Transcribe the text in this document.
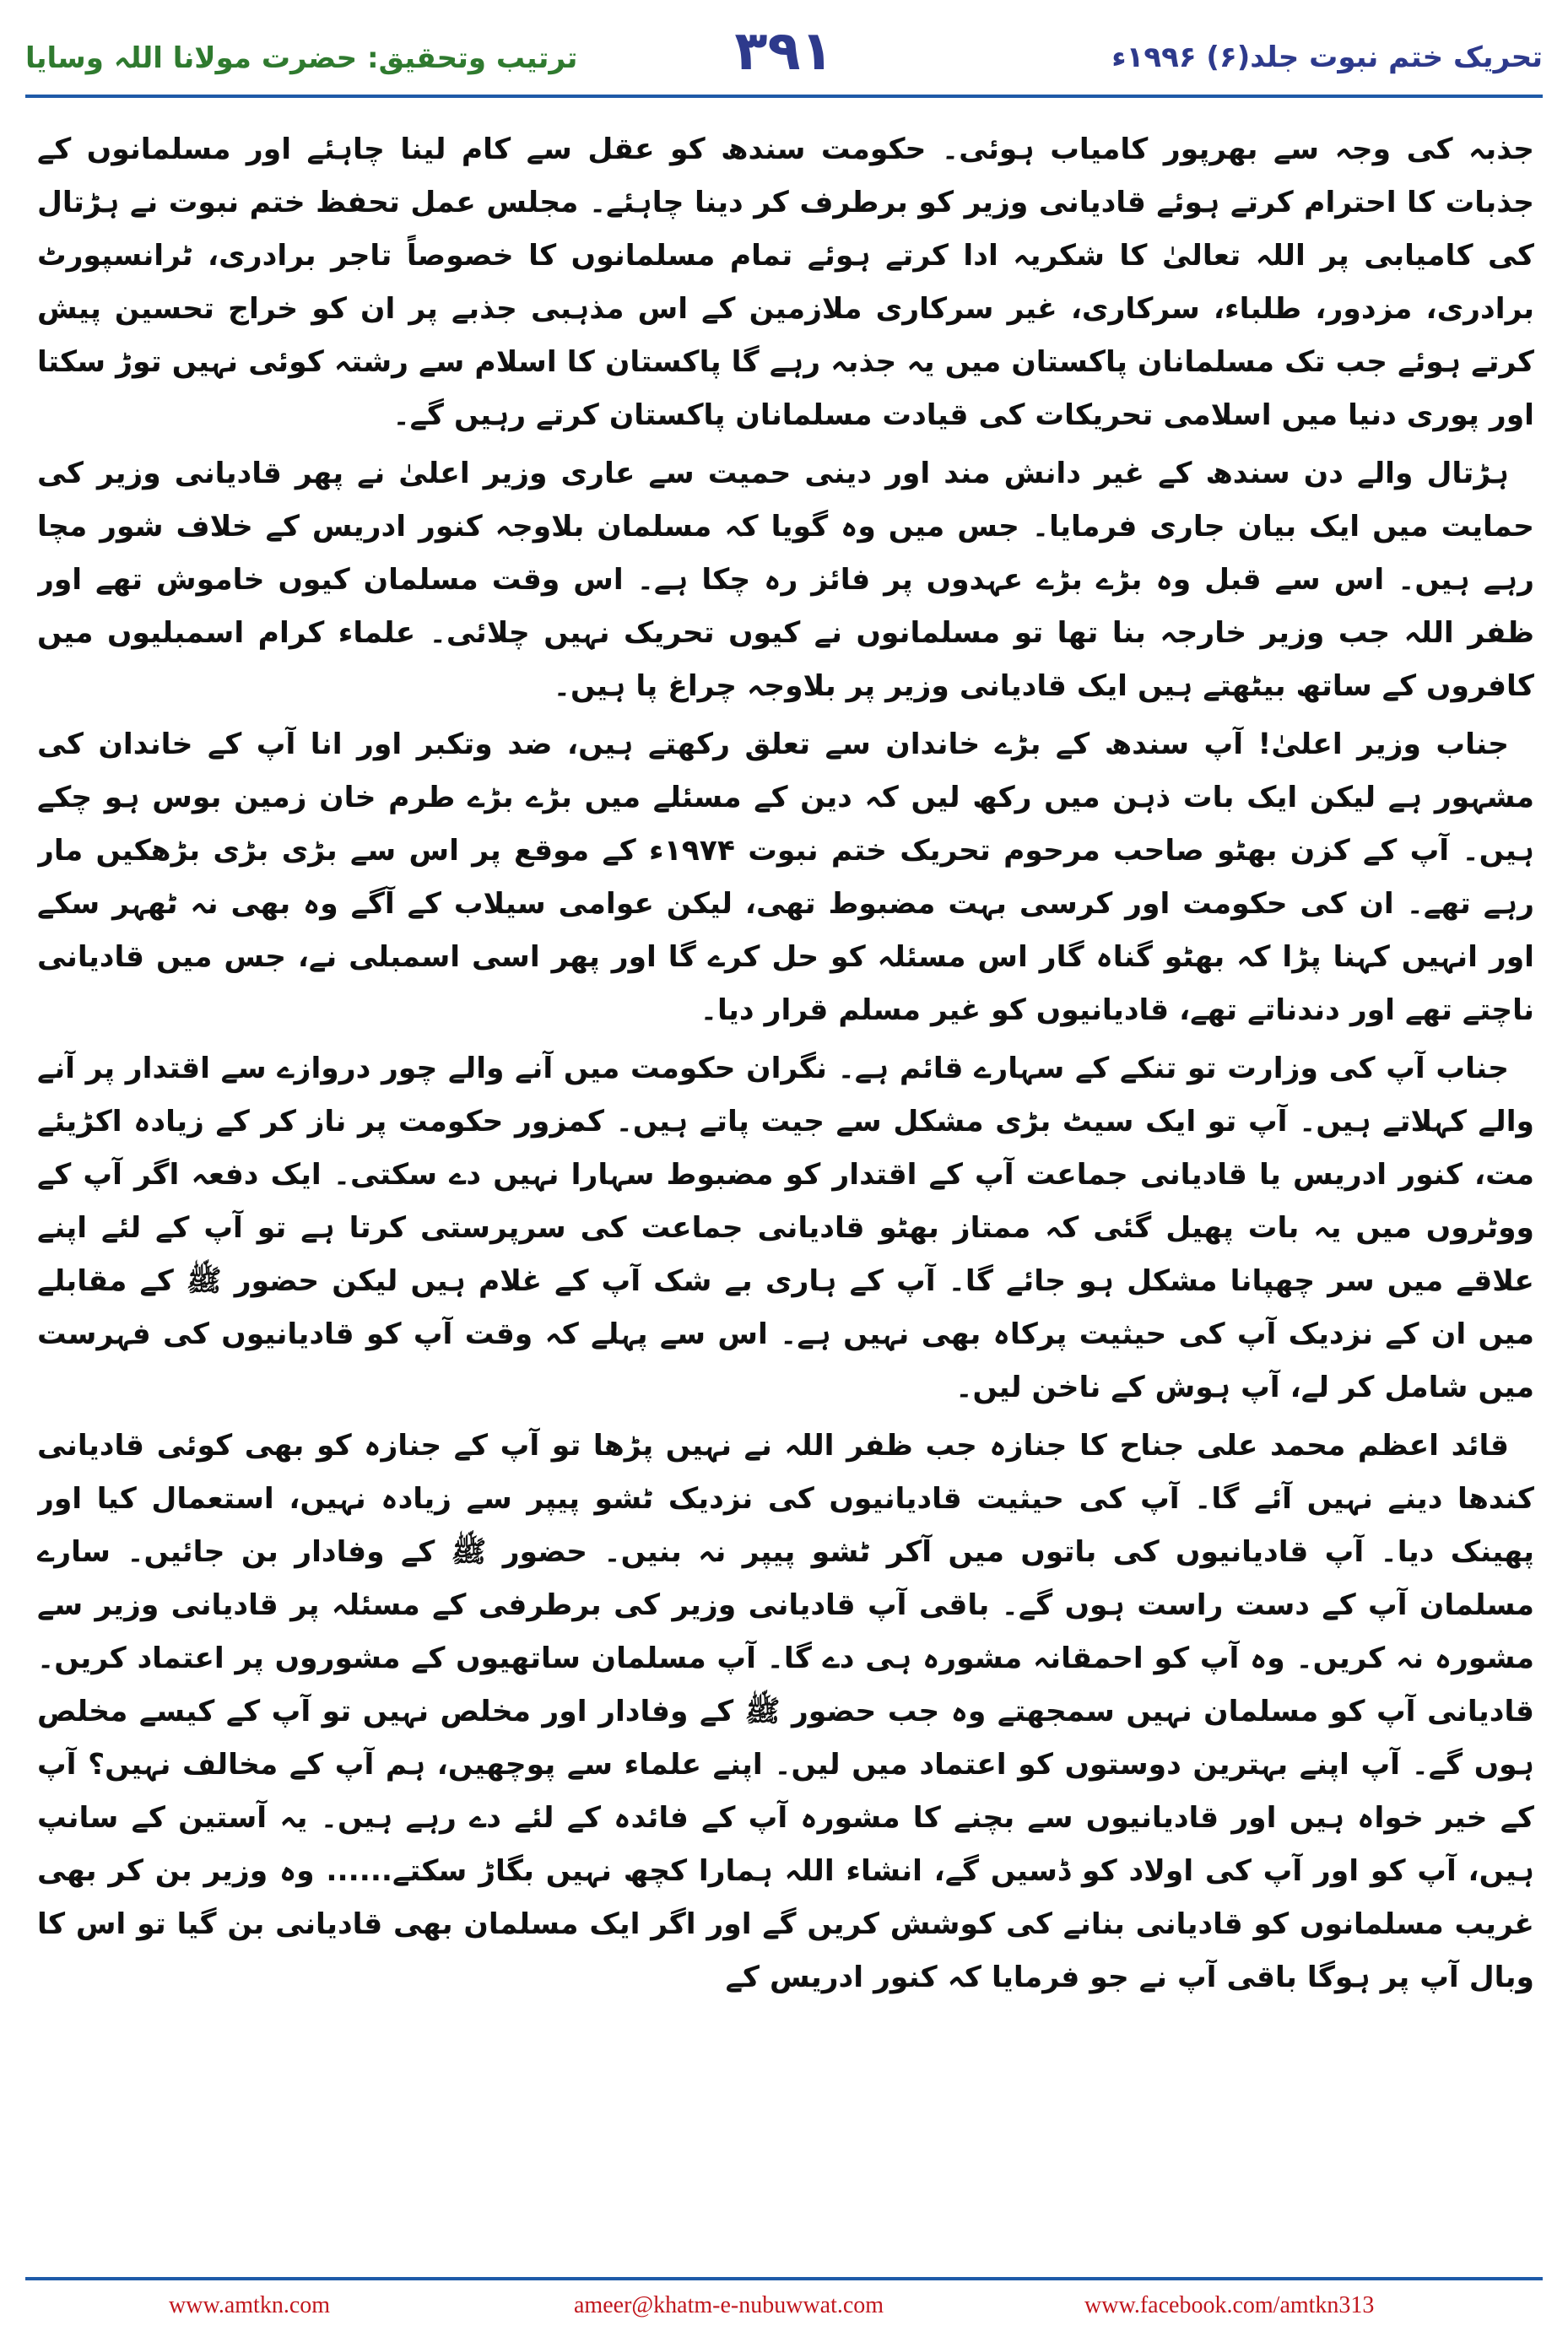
تحریک ختم نبوت جلد(۶) ۱۹۹۶ء
۳۹۱
ترتیب وتحقیق: حضرت مولانا اللہ وسایا

جذبہ کی وجہ سے بھرپور کامیاب ہوئی۔ حکومت سندھ کو عقل سے کام لینا چاہئے اور مسلمانوں کے جذبات کا احترام کرتے ہوئے قادیانی وزیر کو برطرف کر دینا چاہئے۔ مجلس عمل تحفظ ختم نبوت نے ہڑتال کی کامیابی پر اللہ تعالیٰ کا شکریہ ادا کرتے ہوئے تمام مسلمانوں کا خصوصاً تاجر برادری، ٹرانسپورٹ برادری، مزدور، طلباء، سرکاری، غیر سرکاری ملازمین کے اس مذہبی جذبے پر ان کو خراج تحسین پیش کرتے ہوئے جب تک مسلمانان پاکستان میں یہ جذبہ رہے گا پاکستان کا اسلام سے رشتہ کوئی نہیں توڑ سکتا اور پوری دنیا میں اسلامی تحریکات کی قیادت مسلمانان پاکستان کرتے رہیں گے۔

ہڑتال والے دن سندھ کے غیر دانش مند اور دینی حمیت سے عاری وزیر اعلیٰ نے پھر قادیانی وزیر کی حمایت میں ایک بیان جاری فرمایا۔ جس میں وہ گویا کہ مسلمان بلاوجہ کنور ادریس کے خلاف شور مچا رہے ہیں۔ اس سے قبل وہ بڑے بڑے عہدوں پر فائز رہ چکا ہے۔ اس وقت مسلمان کیوں خاموش تھے اور ظفر اللہ جب وزیر خارجہ بنا تھا تو مسلمانوں نے کیوں تحریک نہیں چلائی۔ علماء کرام اسمبلیوں میں کافروں کے ساتھ بیٹھتے ہیں ایک قادیانی وزیر پر بلاوجہ چراغ پا ہیں۔

جناب وزیر اعلیٰ! آپ سندھ کے بڑے خاندان سے تعلق رکھتے ہیں، ضد وتکبر اور انا آپ کے خاندان کی مشہور ہے لیکن ایک بات ذہن میں رکھ لیں کہ دین کے مسئلے میں بڑے بڑے طرم خان زمین بوس ہو چکے ہیں۔ آپ کے کزن بھٹو صاحب مرحوم تحریک ختم نبوت ۱۹۷۴ء کے موقع پر اس سے بڑی بڑی بڑھکیں مار رہے تھے۔ ان کی حکومت اور کرسی بہت مضبوط تھی، لیکن عوامی سیلاب کے آگے وہ بھی نہ ٹھہر سکے اور انہیں کہنا پڑا کہ بھٹو گناہ گار اس مسئلہ کو حل کرے گا اور پھر اسی اسمبلی نے، جس میں قادیانی ناچتے تھے اور دندناتے تھے، قادیانیوں کو غیر مسلم قرار دیا۔

جناب آپ کی وزارت تو تنکے کے سہارے قائم ہے۔ نگران حکومت میں آنے والے چور دروازے سے اقتدار پر آنے والے کہلاتے ہیں۔ آپ تو ایک سیٹ بڑی مشکل سے جیت پاتے ہیں۔ کمزور حکومت پر ناز کر کے زیادہ اکڑیئے مت، کنور ادریس یا قادیانی جماعت آپ کے اقتدار کو مضبوط سہارا نہیں دے سکتی۔ ایک دفعہ اگر آپ کے ووٹروں میں یہ بات پھیل گئی کہ ممتاز بھٹو قادیانی جماعت کی سرپرستی کرتا ہے تو آپ کے لئے اپنے علاقے میں سر چھپانا مشکل ہو جائے گا۔ آپ کے ہاری بے شک آپ کے غلام ہیں لیکن حضور ﷺ کے مقابلے میں ان کے نزدیک آپ کی حیثیت پرکاہ بھی نہیں ہے۔ اس سے پہلے کہ وقت آپ کو قادیانیوں کی فہرست میں شامل کر لے، آپ ہوش کے ناخن لیں۔

قائد اعظم محمد علی جناح کا جنازہ جب ظفر اللہ نے نہیں پڑھا تو آپ کے جنازہ کو بھی کوئی قادیانی کندھا دینے نہیں آئے گا۔ آپ کی حیثیت قادیانیوں کی نزدیک ٹشو پیپر سے زیادہ نہیں، استعمال کیا اور پھینک دیا۔ آپ قادیانیوں کی باتوں میں آکر ٹشو پیپر نہ بنیں۔ حضور ﷺ کے وفادار بن جائیں۔ سارے مسلمان آپ کے دست راست ہوں گے۔ باقی آپ قادیانی وزیر کی برطرفی کے مسئلہ پر قادیانی وزیر سے مشورہ نہ کریں۔ وہ آپ کو احمقانہ مشورہ ہی دے گا۔ آپ مسلمان ساتھیوں کے مشوروں پر اعتماد کریں۔ قادیانی آپ کو مسلمان نہیں سمجھتے وہ جب حضور ﷺ کے وفادار اور مخلص نہیں تو آپ کے کیسے مخلص ہوں گے۔ آپ اپنے بہترین دوستوں کو اعتماد میں لیں۔ اپنے علماء سے پوچھیں، ہم آپ کے مخالف نہیں؟ آپ کے خیر خواہ ہیں اور قادیانیوں سے بچنے کا مشورہ آپ کے فائدہ کے لئے دے رہے ہیں۔ یہ آستین کے سانپ ہیں، آپ کو اور آپ کی اولاد کو ڈسیں گے، انشاء اللہ ہمارا کچھ نہیں بگاڑ سکتے...... وہ وزیر بن کر بھی غریب مسلمانوں کو قادیانی بنانے کی کوشش کریں گے اور اگر ایک مسلمان بھی قادیانی بن گیا تو اس کا وبال آپ پر ہوگا باقی آپ نے جو فرمایا کہ کنور ادریس کے

www.amtkn.com	ameer@khatm-e-nubuwwat.com	www.facebook.com/amtkn313
